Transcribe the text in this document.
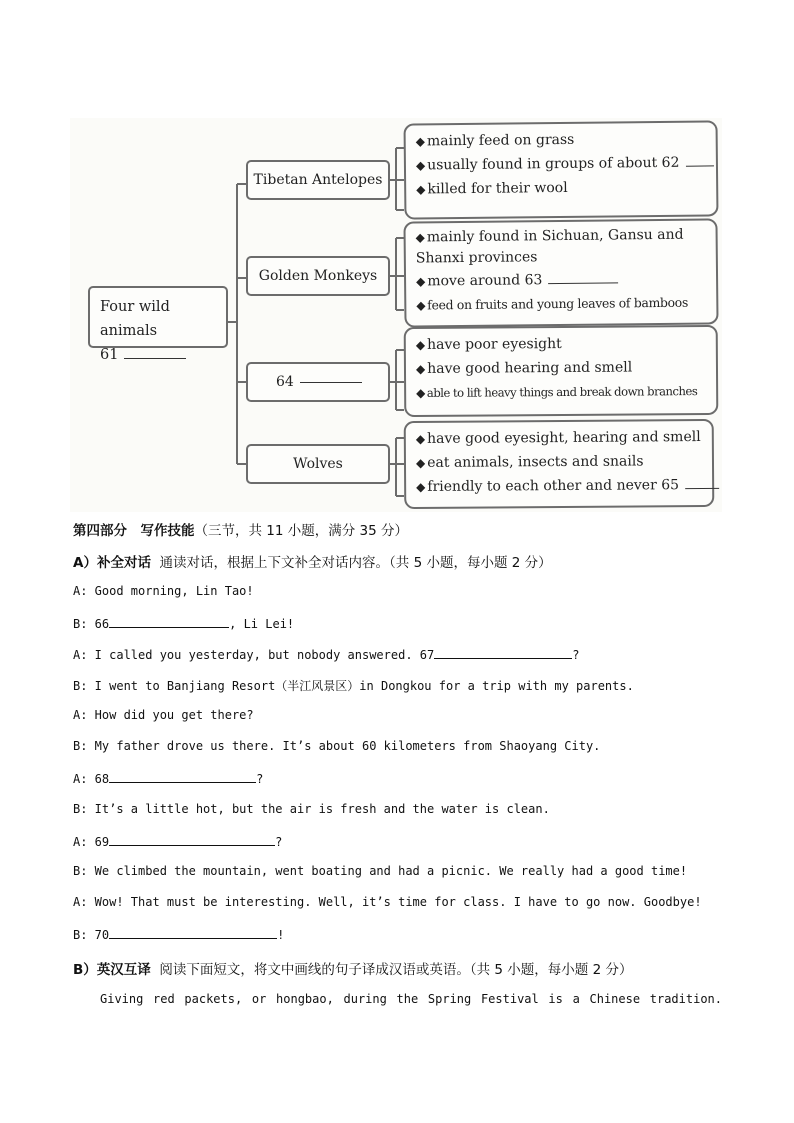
Four wild animals
61
Tibetan Antelopes
Golden Monkeys
64
Wolves
◆ mainly feed on grass
◆ usually found in groups of about 62
◆ killed for their wool
◆ mainly found in Sichuan, Gansu and Shanxi provinces
◆ move around 63
◆ feed on fruits and young leaves of bamboos
◆ have poor eyesight
◆ have good hearing and smell
◆ able to lift heavy things and break down branches
◆ have good eyesight, hearing and smell
◆ eat animals, insects and snails
◆ friendly to each other and never 65
第四部分　写作技能（三节，共 11 小题，满分 35 分）
A）补全对话 通读对话，根据上下文补全对话内容。（共 5 小题，每小题 2 分）
A: Good morning, Lin Tao!
B: 66	, Li Lei!
A: I called you yesterday, but nobody answered. 67	?
B: I went to Banjiang Resort（半江风景区）in Dongkou for a trip with my parents.
A: How did you get there?
B: My father drove us there. It’s about 60 kilometers from Shaoyang City.
A: 68	?
B: It’s a little hot, but the air is fresh and the water is clean.
A: 69	?
B: We climbed the mountain, went boating and had a picnic. We really had a good time!
A: Wow! That must be interesting. Well, it’s time for class. I have to go now. Goodbye!
B: 70	!
B）英汉互译 阅读下面短文，将文中画线的句子译成汉语或英语。（共 5 小题，每小题 2 分）
Giving red packets, or hongbao, during the Spring Festival is a Chinese tradition.
